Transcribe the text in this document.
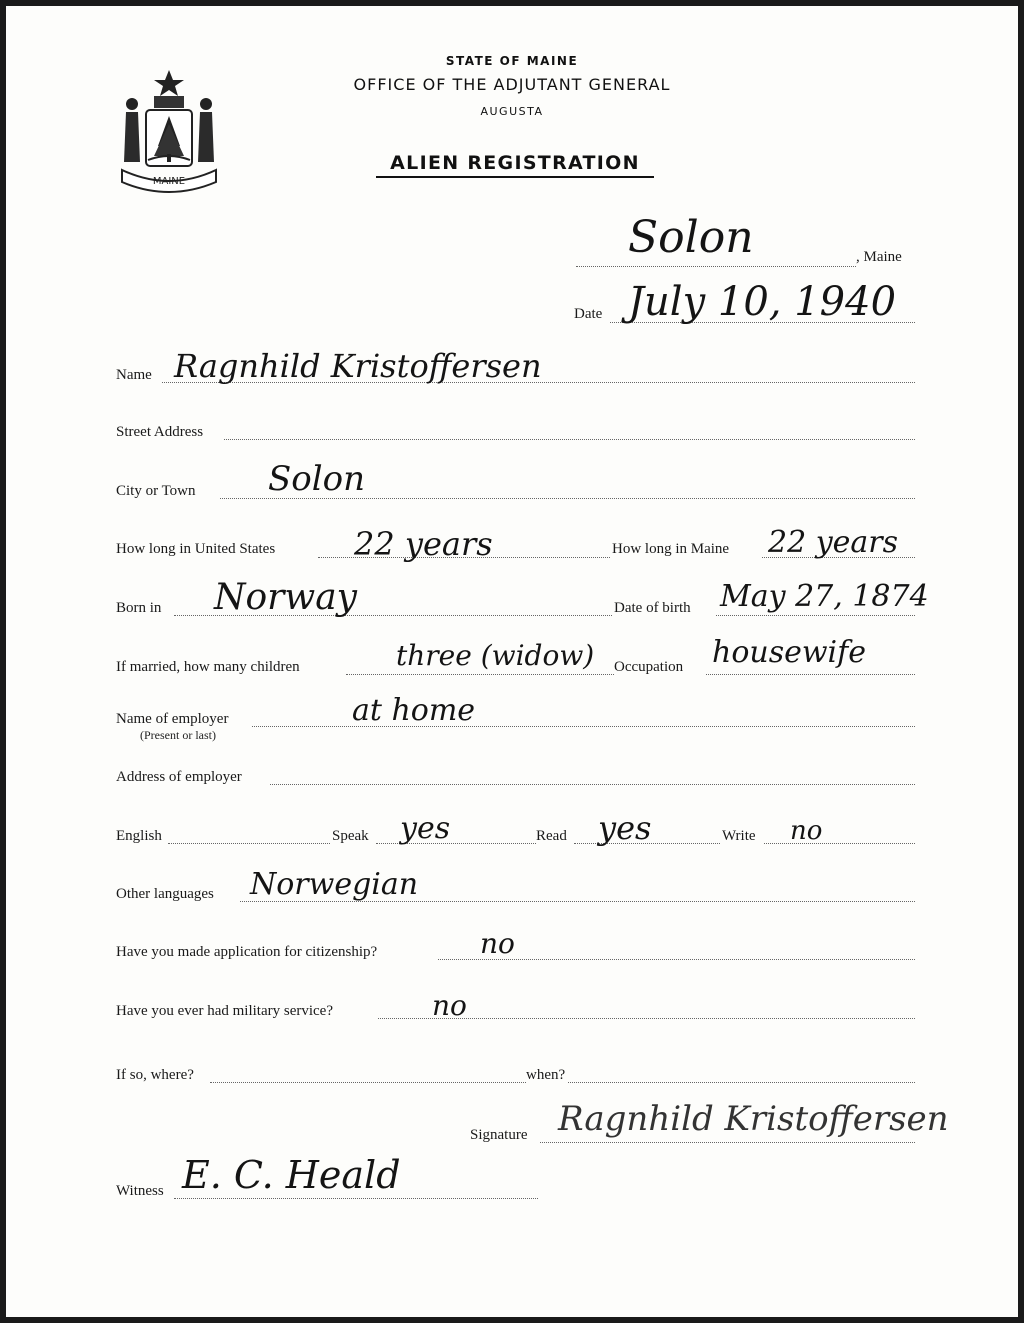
MAINE
STATE OF MAINE
OFFICE OF THE ADJUTANT GENERAL
AUGUSTA
ALIEN REGISTRATION
Solon	, Maine
Date July 10, 1940
Name Ragnhild Kristoffersen
Street Address
City or Town Solon
How long in United States 22 years	How long in Maine 22 years
Born in Norway	Date of birth May 27, 1874
If married, how many children	three (widow) Occupation housewife
Name of employer
(Present or last)
at home
Address of employer
English	Speak yes	Read yes	Write no
Other languages Norwegian
Have you made application for citizenship?	no
Have you ever had military service?	no
If so, where?	when?
Signature Ragnhild Kristoffersen
Witness E. C. Heald
